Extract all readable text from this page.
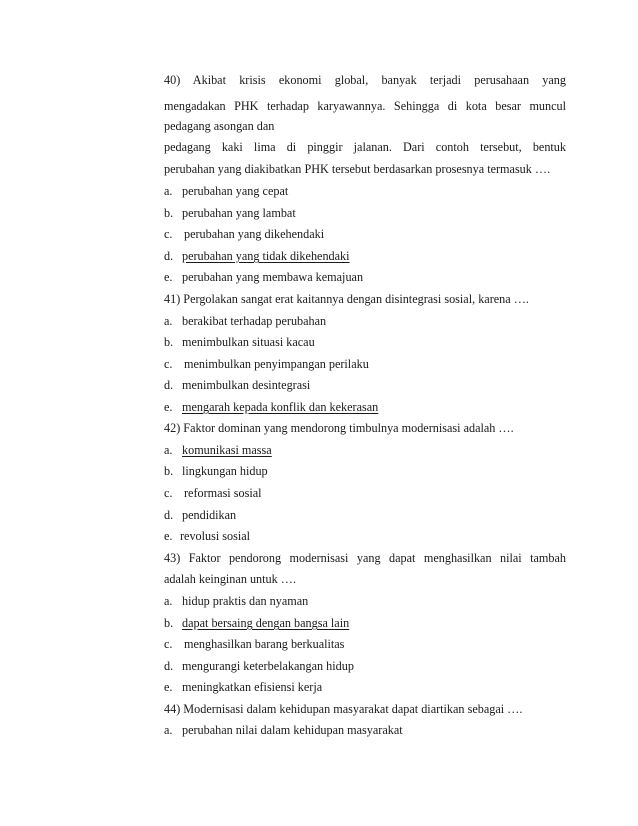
40) Akibat krisis ekonomi global, banyak terjadi perusahaan yang
mengadakan PHK terhadap karyawannya. Sehingga di kota besar muncul
pedagang asongan dan
pedagang kaki lima di pinggir jalanan. Dari contoh tersebut, bentuk
perubahan yang diakibatkan PHK tersebut berdasarkan prosesnya termasuk ….
a. perubahan yang cepat
b. perubahan yang lambat
c. perubahan yang dikehendaki
d. perubahan yang tidak dikehendaki
e. perubahan yang membawa kemajuan
41) Pergolakan sangat erat kaitannya dengan disintegrasi sosial, karena ….
a. berakibat terhadap perubahan
b. menimbulkan situasi kacau
c. menimbulkan penyimpangan perilaku
d. menimbulkan desintegrasi
e. mengarah kepada konflik dan kekerasan
42) Faktor dominan yang mendorong timbulnya modernisasi adalah ….
a. komunikasi massa
b. lingkungan hidup
c. reformasi sosial
d. pendidikan
e. revolusi sosial
43) Faktor pendorong modernisasi yang dapat menghasilkan nilai tambah
adalah keinginan untuk ….
a. hidup praktis dan nyaman
b. dapat bersaing dengan bangsa lain
c. menghasilkan barang berkualitas
d. mengurangi keterbelakangan hidup
e. meningkatkan efisiensi kerja
44) Modernisasi dalam kehidupan masyarakat dapat diartikan sebagai ….
a. perubahan nilai dalam kehidupan masyarakat
